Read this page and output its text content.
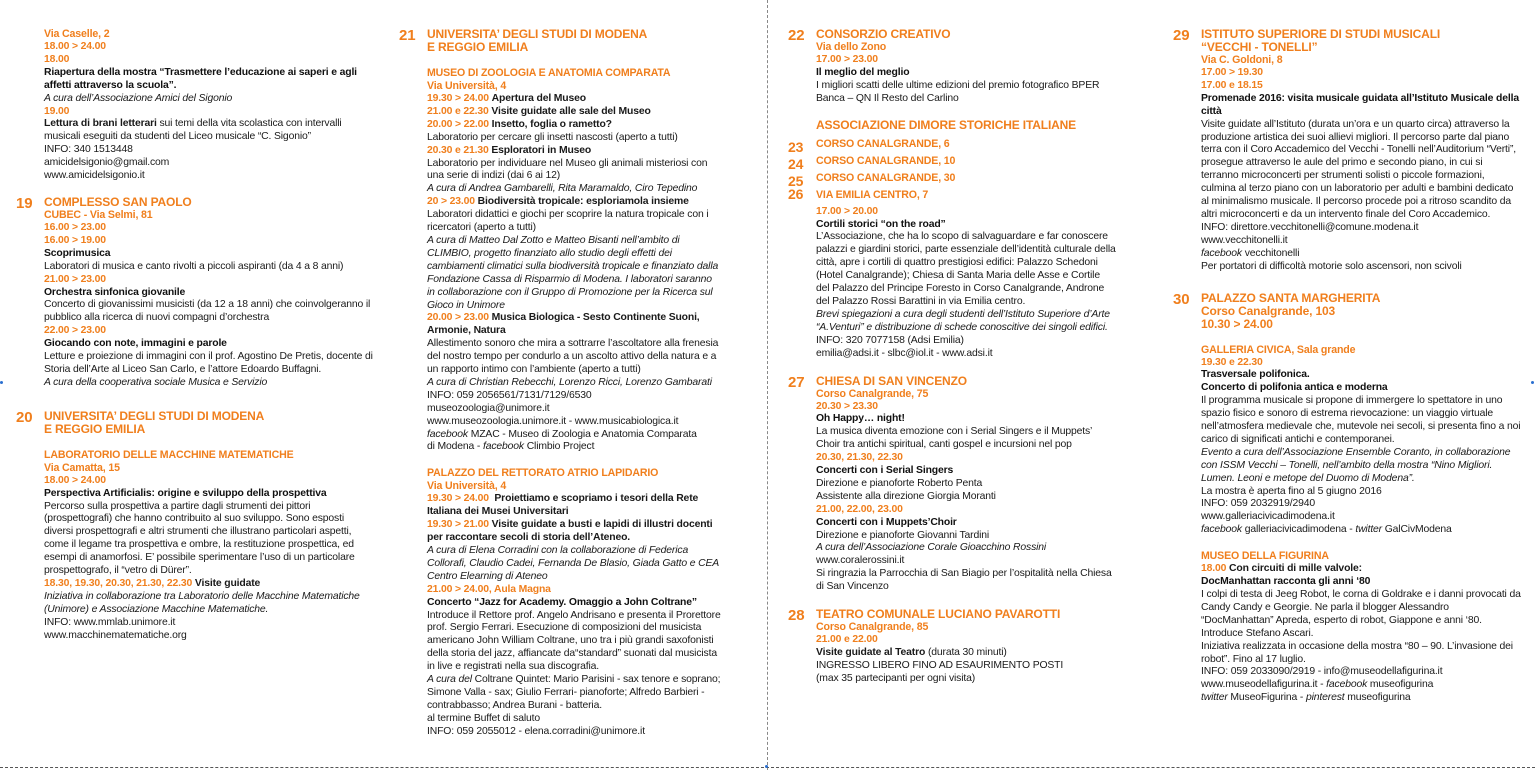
Via Caselle, 2
18.00 > 24.00
18.00
Riapertura della mostra “Trasmettere l’educazione ai saperi e agli affetti attraverso la scuola”.
A cura dell’Associazione Amici del Sigonio
19.00
Lettura di brani letterari sui temi della vita scolastica con intervalli musicali eseguiti da studenti del Liceo musicale “C. Sigonio”
INFO: 340 1513448
amicidelsigonio@gmail.com
www.amicidelsigonio.it
19 COMPLESSO SAN PAOLO
CUBEC - Via Selmi, 81
16.00 > 23.00
16.00 > 19.00
Scoprimusica
Laboratori di musica e canto rivolti a piccoli aspiranti (da 4 a 8 anni)
21.00 > 23.00
Orchestra sinfonica giovanile
Concerto di giovanissimi musicisti (da 12 a 18 anni) che coinvolgeranno il pubblico alla ricerca di nuovi compagni d’orchestra
22.00 > 23.00
Giocando con note, immagini e parole
Letture e proiezione di immagini con il prof. Agostino De Pretis, docente di Storia dell’Arte al Liceo San Carlo, e l’attore Edoardo Buffagni.
A cura della cooperativa sociale Musica e Servizio
20 UNIVERSITA’ DEGLI STUDI DI MODENA
E REGGIO EMILIA
LABORATORIO DELLE MACCHINE MATEMATICHE
Via Camatta, 15
18.00 > 24.00
Perspectiva Artificialis: origine e sviluppo della prospettiva
Percorso sulla prospettiva a partire dagli strumenti dei pittori (prospettografi) che hanno contribuito al suo sviluppo. Sono esposti diversi prospettografi e altri strumenti che illustrano particolari aspetti, come il legame tra prospettiva e ombre, la restituzione prospettica, ed esempi di anamorfosi. E’ possibile sperimentare l’uso di un particolare prospettografo, il “vetro di Dürer”.
18.30, 19.30, 20.30, 21.30, 22.30 Visite guidate
Iniziativa in collaborazione tra Laboratorio delle Macchine Matematiche (Unimore) e Associazione Macchine Matematiche.
INFO: www.mmlab.unimore.it
www.macchinematematiche.org
21 UNIVERSITA’ DEGLI STUDI DI MODENA
E REGGIO EMILIA
MUSEO DI ZOOLOGIA E ANATOMIA COMPARATA
Via Università, 4
19.30 > 24.00 Apertura del Museo
21.00 e 22.30 Visite guidate alle sale del Museo
20.00 > 22.00 Insetto, foglia o rametto?
Laboratorio per cercare gli insetti nascosti (aperto a tutti)
20.30 e 21.30 Esploratori in Museo
Laboratorio per individuare nel Museo gli animali misteriosi con una serie di indizi (dai 6 ai 12)
A cura di Andrea Gambarelli, Rita Maramaldo, Ciro Tepedino
20 > 23.00 Biodiversità tropicale: esploriamola insieme
Laboratori didattici e giochi per scoprire la natura tropicale con i ricercatori (aperto a tutti)
A cura di Matteo Dal Zotto e Matteo Bisanti nell’ambito di CLIMBIO, progetto finanziato allo studio degli effetti dei cambiamenti climatici sulla biodiversità tropicale e finanziato dalla Fondazione Cassa di Risparmio di Modena. I laboratori saranno in collaborazione con il Gruppo di Promozione per la Ricerca sul Gioco in Unimore
20.00 > 23.00 Musica Biologica - Sesto Continente Suoni, Armonie, Natura
Allestimento sonoro che mira a sottrarre l’ascoltatore alla frenesia del nostro tempo per condurlo a un ascolto attivo della natura e a un rapporto intimo con l’ambiente (aperto a tutti)
A cura di Christian Rebecchi, Lorenzo Ricci, Lorenzo Gambarati
INFO: 059 2056561/7131/7129/6530
museozoologia@unimore.it
www.museozoologia.unimore.it - www.musicabiologica.it
facebook MZAC - Museo di Zoologia e Anatomia Comparata
di Modena - facebook Climbio Project
PALAZZO DEL RETTORATO ATRIO LAPIDARIO
Via Università, 4
19.30 > 24.00 Proiettiamo e scopriamo i tesori della Rete Italiana dei Musei Universitari
19.30 > 21.00 Visite guidate a busti e lapidi di illustri docenti per raccontare secoli di storia dell’Ateneo.
A cura di Elena Corradini con la collaborazione di Federica Collorafi, Claudio Cadei, Fernanda De Blasio, Giada Gatto e CEA Centro Elearning di Ateneo
21.00 > 24.00, Aula Magna
Concerto “Jazz for Academy. Omaggio a John Coltrane”
Introduce il Rettore prof. Angelo Andrisano e presenta il Prorettore prof. Sergio Ferrari. Esecuzione di composizioni del musicista americano John William Coltrane, uno tra i più grandi saxofonisti della storia del jazz, affiancate da“standard” suonati dal musicista in live e registrati nella sua discografia.
A cura del Coltrane Quintet: Mario Parisini - sax tenore e soprano; Simone Valla - sax; Giulio Ferrari- pianoforte; Alfredo Barbieri - contrabbasso; Andrea Burani - batteria.
al termine Buffet di saluto
INFO: 059 2055012 - elena.corradini@unimore.it
22 CONSORZIO CREATIVO
Via dello Zono
17.00 > 23.00
Il meglio del meglio
I migliori scatti delle ultime edizioni del premio fotografico BPER Banca – QN Il Resto del Carlino
ASSOCIAZIONE DIMORE STORICHE ITALIANE
23	CORSO CANALGRANDE, 6
24	CORSO CANALGRANDE, 10
25	CORSO CANALGRANDE, 30
26	VIA EMILIA CENTRO, 7
17.00 > 20.00
Cortili storici “on the road”
L’Associazione, che ha lo scopo di salvaguardare e far conoscere palazzi e giardini storici, parte essenziale dell’identità culturale della città, apre i cortili di quattro prestigiosi edifici: Palazzo Schedoni (Hotel Canalgrande); Chiesa di Santa Maria delle Asse e Cortile del Palazzo del Principe Foresto in Corso Canalgrande, Androne del Palazzo Rossi Barattini in via Emilia centro.
Brevi spiegazioni a cura degli studenti dell’Istituto Superiore d’Arte “A.Venturi” e distribuzione di schede conoscitive dei singoli edifici.
INFO: 320 7077158 (Adsi Emilia)
emilia@adsi.it - slbc@iol.it - www.adsi.it
27 CHIESA DI SAN VINCENZO
Corso Canalgrande, 75
20.30 > 23.30
Oh Happy… night!
La musica diventa emozione con i Serial Singers e il Muppets’ Choir tra antichi spiritual, canti gospel e incursioni nel pop
20.30, 21.30, 22.30
Concerti con i Serial Singers
Direzione e pianoforte Roberto Penta
Assistente alla direzione Giorgia Moranti
21.00, 22.00, 23.00
Concerti con i Muppets’Choir
Direzione e pianoforte Giovanni Tardini
A cura dell’Associazione Corale Gioacchino Rossini
www.coralerossini.it
Si ringrazia la Parrocchia di San Biagio per l’ospitalità nella Chiesa di San Vincenzo
28 TEATRO COMUNALE LUCIANO PAVAROTTI
Corso Canalgrande, 85
21.00 e 22.00
Visite guidate al Teatro (durata 30 minuti)
INGRESSO LIBERO FINO AD ESAURIMENTO POSTI
(max 35 partecipanti per ogni visita)
29 ISTITUTO SUPERIORE DI STUDI MUSICALI
“VECCHI - TONELLI”
Via C. Goldoni, 8
17.00 > 19.30
17.00 e 18.15
Promenade 2016: visita musicale guidata all’Istituto Musicale della città
Visite guidate all’Istituto (durata un’ora e un quarto circa) attraverso la produzione artistica dei suoi allievi migliori. Il percorso parte dal piano terra con il Coro Accademico del Vecchi - Tonelli nell’Auditorium “Verti”, prosegue attraverso le aule del primo e secondo piano, in cui si terranno microconcerti per strumenti solisti o piccole formazioni, culmina al terzo piano con un laboratorio per adulti e bambini dedicato al minimalismo musicale. Il percorso procede poi a ritroso scandito da altri microconcerti e da un intervento finale del Coro Accademico.
INFO: direttore.vecchitonelli@comune.modena.it
www.vecchitonelli.it
facebook vecchitonelli
Per portatori di difficoltà motorie solo ascensori, non scivoli
30 PALAZZO SANTA MARGHERITA
Corso Canalgrande, 103
10.30 > 24.00
GALLERIA CIVICA, Sala grande
19.30 e 22.30
Trasversale polifonica.
Concerto di polifonia antica e moderna
Il programma musicale si propone di immergere lo spettatore in uno spazio fisico e sonoro di estrema rievocazione: un viaggio virtuale nell’atmosfera medievale che, mutevole nei secoli, si presenta fino a noi carico di significati antichi e contemporanei.
Evento a cura dell’Associazione Ensemble Coranto, in collaborazione con ISSM Vecchi – Tonelli, nell’ambito della mostra “Nino Migliori. Lumen. Leoni e metope del Duomo di Modena”.
La mostra è aperta fino al 5 giugno 2016
INFO: 059 2032919/2940
www.galleriacivicadimodena.it
facebook galleriacivicadimodena - twitter GalCivModena
MUSEO DELLA FIGURINA
18.00 Con circuiti di mille valvole:
DocManhattan racconta gli anni ‘80
I colpi di testa di Jeeg Robot, le corna di Goldrake e i danni provocati da Candy Candy e Georgie. Ne parla il blogger Alessandro “DocManhattan” Apreda, esperto di robot, Giappone e anni ‘80. Introduce Stefano Ascari.
Iniziativa realizzata in occasione della mostra “80 – 90. L’invasione dei robot”. Fino al 17 luglio.
INFO: 059 2033090/2919 - info@museodellafigurina.it
www.museodellafigurina.it - facebook museofigurina
twitter MuseoFigurina - pinterest museofigurina
